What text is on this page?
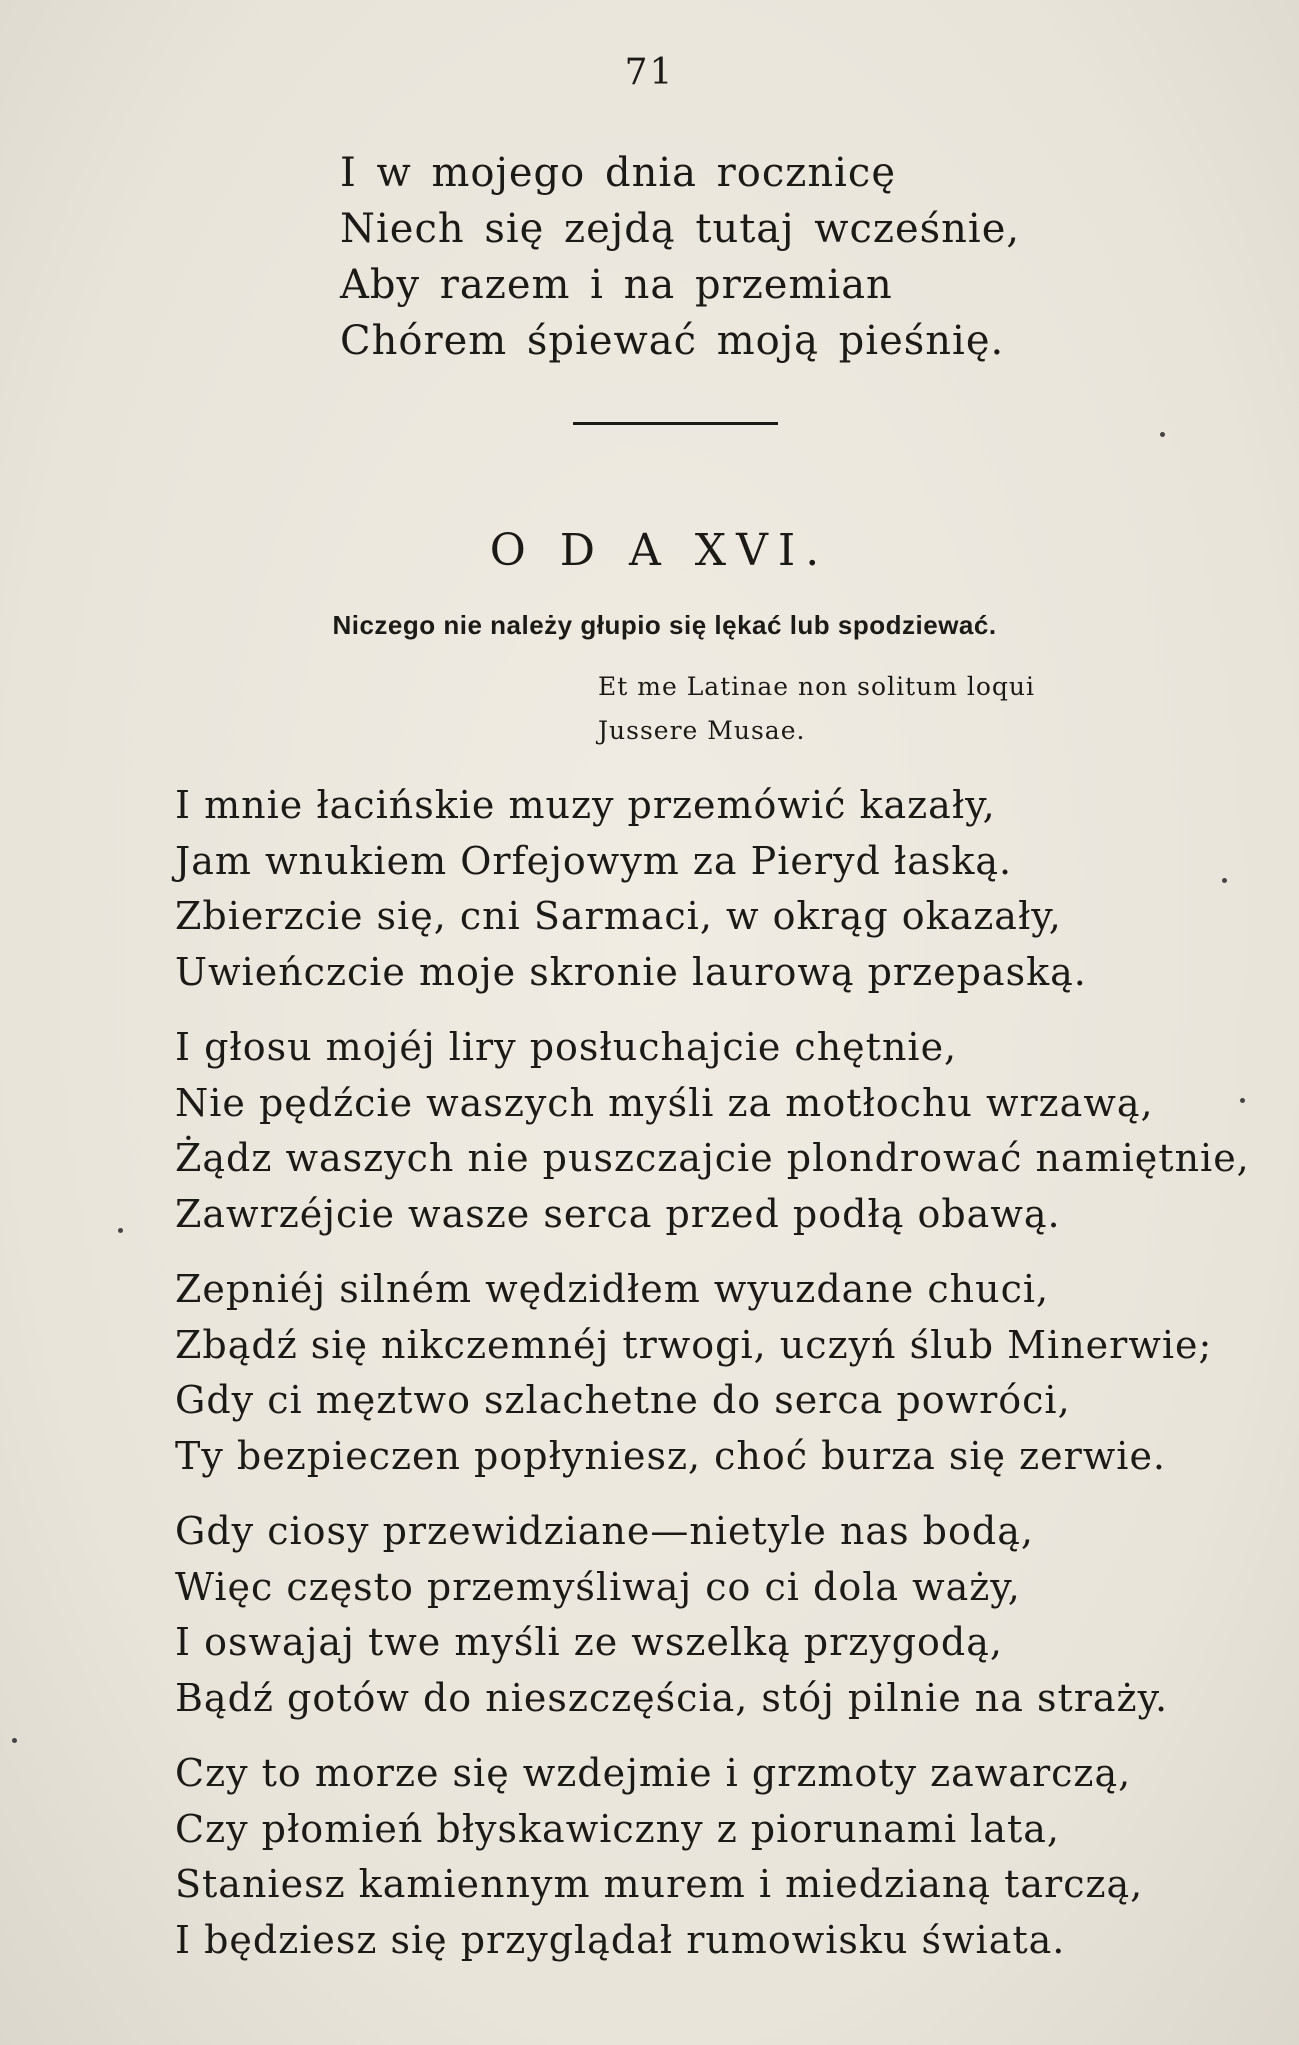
71
I w mojego dnia rocznicę
Niech się zejdą tutaj wcześnie,
Aby razem i na przemian
Chórem śpiewać moją pieśnię.
O D A XVI.
Niczego nie należy głupio się lękać lub spodziewać.
Et me Latinae non solitum loqui
Jussere Musae.
I mnie łacińskie muzy przemówić kazały,
Jam wnukiem Orfejowym za Pieryd łaską.
Zbierzcie się, cni Sarmaci, w okrąg okazały,
Uwieńczcie moje skronie laurową przepaską.
I głosu mojéj liry posłuchajcie chętnie,
Nie pędźcie waszych myśli za motłochu wrzawą,
Żądz waszych nie puszczajcie plondrować namiętnie,
Zawrzéjcie wasze serca przed podłą obawą.
Zepniéj silném wędzidłem wyuzdane chuci,
Zbądź się nikczemnéj trwogi, uczyń ślub Minerwie;
Gdy ci męztwo szlachetne do serca powróci,
Ty bezpieczen popłyniesz, choć burza się zerwie.
Gdy ciosy przewidziane—nietyle nas bodą,
Więc często przemyśliwaj co ci dola waży,
I oswajaj twe myśli ze wszelką przygodą,
Bądź gotów do nieszczęścia, stój pilnie na straży.
Czy to morze się wzdejmie i grzmoty zawarczą,
Czy płomień błyskawiczny z piorunami lata,
Staniesz kamiennym murem i miedzianą tarczą,
I będziesz się przyglądał rumowisku świata.
